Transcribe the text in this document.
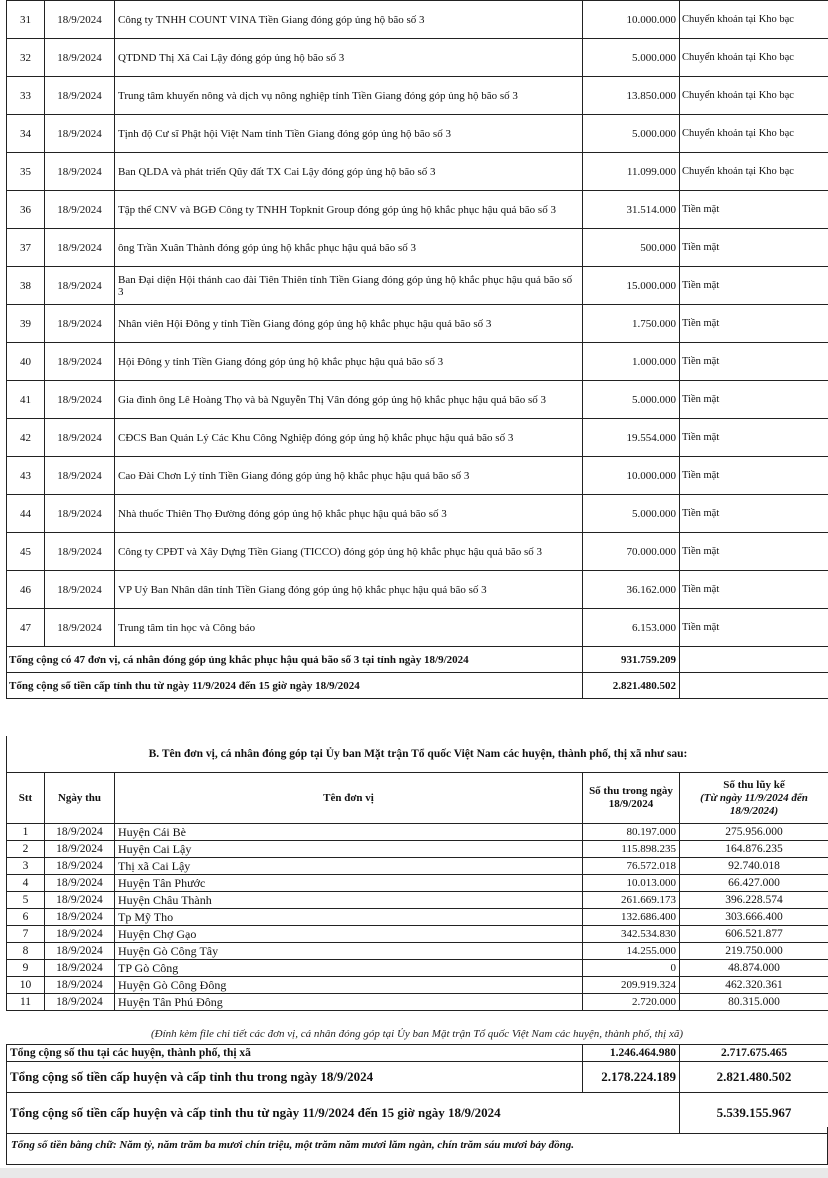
31	18/9/2024	Công ty TNHH COUNT VINA Tiền Giang đóng góp ủng hộ bão số 3	10.000.000	Chuyển khoản tại Kho bạc
32	18/9/2024	QTDND Thị Xã Cai Lậy đóng góp ủng hộ bão số 3	5.000.000	Chuyển khoản tại Kho bạc
33	18/9/2024	Trung tâm khuyến nông và dịch vụ nông nghiệp tỉnh Tiền Giang đóng góp ủng hộ bão số 3	13.850.000	Chuyển khoản tại Kho bạc
34	18/9/2024	Tịnh độ Cư sĩ Phật hội Việt Nam tỉnh Tiền Giang đóng góp ủng hộ bão số 3	5.000.000	Chuyển khoản tại Kho bạc
35	18/9/2024	Ban QLDA và phát triển Qũy đất TX Cai Lậy đóng góp ủng hộ bão số 3	11.099.000	Chuyển khoản tại Kho bạc
36	18/9/2024	Tập thể CNV và BGĐ Công ty TNHH Topknit Group đóng góp ủng hộ khắc phục hậu quả bão số 3	31.514.000	Tiền mặt
37	18/9/2024	ông Trần Xuân Thành đóng góp ủng hộ khắc phục hậu quả bão số 3	500.000	Tiền mặt
38	18/9/2024	Ban Đại diện Hội thánh cao đài Tiên Thiên tỉnh Tiền Giang đóng góp ủng hộ khắc phục hậu quả bão số 3	15.000.000	Tiền mặt
39	18/9/2024	Nhân viên Hội Đông y tỉnh Tiền Giang đóng góp ủng hộ khắc phục hậu quả bão số 3	1.750.000	Tiền mặt
40	18/9/2024	Hội Đông y tỉnh Tiền Giang đóng góp ủng hộ khắc phục hậu quả bão số 3	1.000.000	Tiền mặt
41	18/9/2024	Gia đình ông Lê Hoàng Thọ và bà Nguyễn Thị Vân đóng góp ủng hộ khắc phục hậu quả bão số 3	5.000.000	Tiền mặt
42	18/9/2024	CĐCS Ban Quản Lý Các Khu Công Nghiệp đóng góp ủng hộ khắc phục hậu quả bão số 3	19.554.000	Tiền mặt
43	18/9/2024	Cao Đài Chơn Lý tỉnh Tiền Giang đóng góp ủng hộ khắc phục hậu quả bão số 3	10.000.000	Tiền mặt
44	18/9/2024	Nhà thuốc Thiên Thọ Đường đóng góp ủng hộ khắc phục hậu quả bão số 3	5.000.000	Tiền mặt
45	18/9/2024	Công ty CPĐT và Xây Dựng Tiền Giang (TICCO) đóng góp ủng hộ khắc phục hậu quả bão số 3	70.000.000	Tiền mặt
46	18/9/2024	VP Uỷ Ban Nhân dân tỉnh Tiền Giang đóng góp ủng hộ khắc phục hậu quả bão số 3	36.162.000	Tiền mặt
47	18/9/2024	Trung tâm tin học và Công báo	6.153.000	Tiền mặt
Tổng cộng có 47 đơn vị, cá nhân đóng góp ủng khắc phục hậu quả bão số 3 tại tỉnh ngày 18/9/2024			931.759.209	
Tổng cộng số tiền cấp tỉnh thu từ ngày 11/9/2024 đến 15 giờ ngày 18/9/2024			2.821.480.502	
B. Tên đơn vị, cá nhân đóng góp tại Ủy ban Mặt trận Tổ quốc Việt Nam các huyện, thành phố, thị xã như sau:
Stt	Ngày thu	Tên đơn vị	Số thu trong ngày 18/9/2024	Số thu lũy kế
(Từ ngày 11/9/2024 đến 18/9/2024)

1	18/9/2024	Huyện Cái Bè	80.197.000	275.956.000
2	18/9/2024	Huyện Cai Lậy	115.898.235	164.876.235
3	18/9/2024	Thị xã Cai Lậy	76.572.018	92.740.018
4	18/9/2024	Huyện Tân Phước	10.013.000	66.427.000
5	18/9/2024	Huyện Châu Thành	261.669.173	396.228.574
6	18/9/2024	Tp Mỹ Tho	132.686.400	303.666.400
7	18/9/2024	Huyện Chợ Gạo	342.534.830	606.521.877
8	18/9/2024	Huyện Gò Công Tây	14.255.000	219.750.000
9	18/9/2024	TP Gò Công	0	48.874.000
10	18/9/2024	Huyện Gò Công Đông	209.919.324	462.320.361
11	18/9/2024	Huyện Tân Phú Đông	2.720.000	80.315.000
(Đính kèm file chi tiết các đơn vị, cá nhân đóng góp tại Ủy ban Mặt trận Tổ quốc Việt Nam các huyện, thành phố, thị xã)
Tổng cộng số thu tại các huyện, thành phố, thị xã	1.246.464.980	2.717.675.465
Tổng cộng số tiền cấp huyện và cấp tỉnh thu trong ngày 18/9/2024	2.178.224.189	2.821.480.502
Tổng cộng số tiền cấp huyện và cấp tỉnh thu từ ngày 11/9/2024 đến 15 giờ ngày 18/9/2024		5.539.155.967
Tổng số tiền bằng chữ: Năm tỷ, năm trăm ba mươi chín triệu, một trăm năm mươi lăm ngàn, chín trăm sáu mươi bảy đồng.
